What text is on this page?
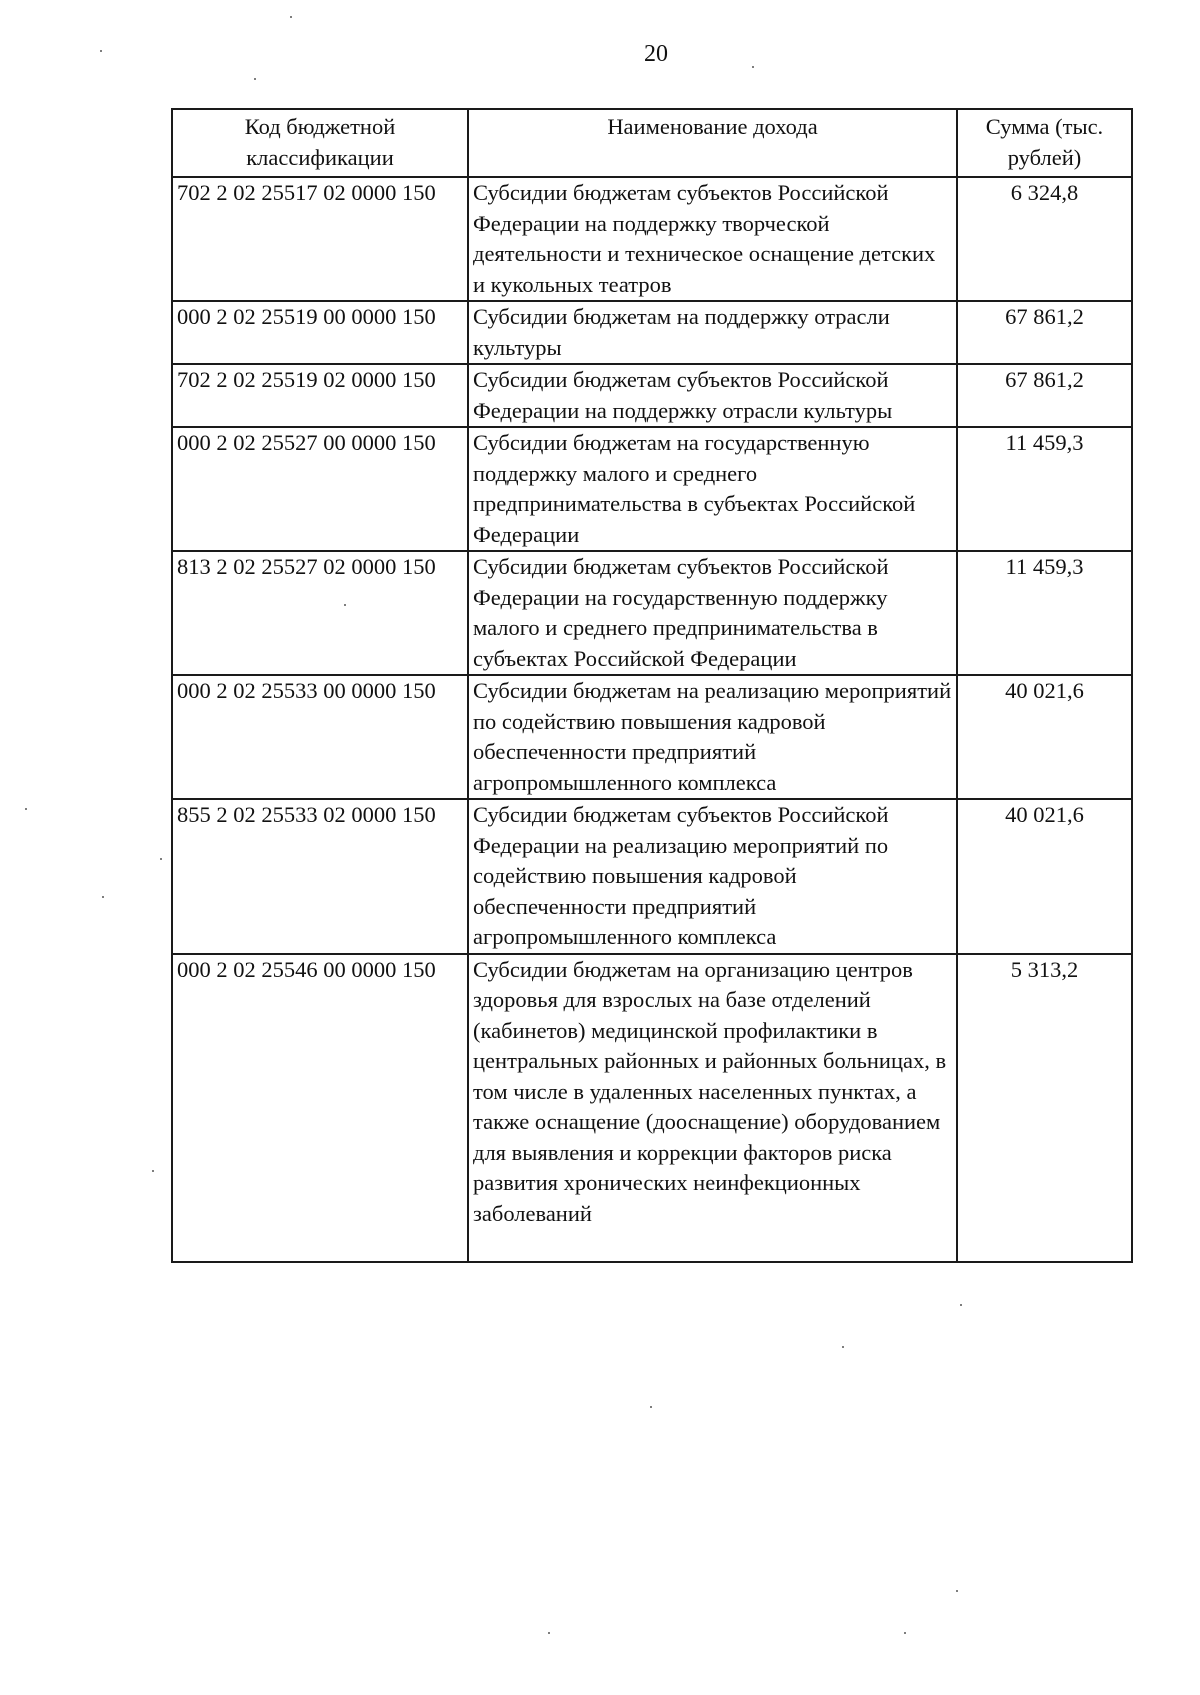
20
Код бюджетной классификации	Наименование дохода	Сумма (тыс. рублей)
702 2 02 25517 02 0000 150	Субсидии бюджетам субъектов Российской Федерации на поддержку творческой деятельности и техническое оснащение детских и кукольных театров	6 324,8
000 2 02 25519 00 0000 150	Субсидии бюджетам на поддержку отрасли культуры	67 861,2
702 2 02 25519 02 0000 150	Субсидии бюджетам субъектов Российской Федерации на поддержку отрасли культуры	67 861,2
000 2 02 25527 00 0000 150	Субсидии бюджетам на государственную поддержку малого и среднего предпринимательства в субъектах Российской Федерации	11 459,3
813 2 02 25527 02 0000 150	Субсидии бюджетам субъектов Российской Федерации на государственную поддержку малого и среднего предпринимательства в субъектах Российской Федерации	11 459,3
000 2 02 25533 00 0000 150	Субсидии бюджетам на реализацию мероприятий по содействию повышения кадровой обеспеченности предприятий агропромышленного комплекса	40 021,6
855 2 02 25533 02 0000 150	Субсидии бюджетам субъектов Российской Федерации на реализацию мероприятий по содействию повышения кадровой обеспеченности предприятий агропромышленного комплекса	40 021,6
000 2 02 25546 00 0000 150	Субсидии бюджетам на организацию центров здоровья для взрослых на базе отделений (кабинетов) медицинской профилактики в центральных районных и районных больницах, в том числе в удаленных населенных пунктах, а также оснащение (дооснащение) оборудованием для выявления и коррекции факторов риска развития хронических неинфекционных заболеваний	5 313,2
